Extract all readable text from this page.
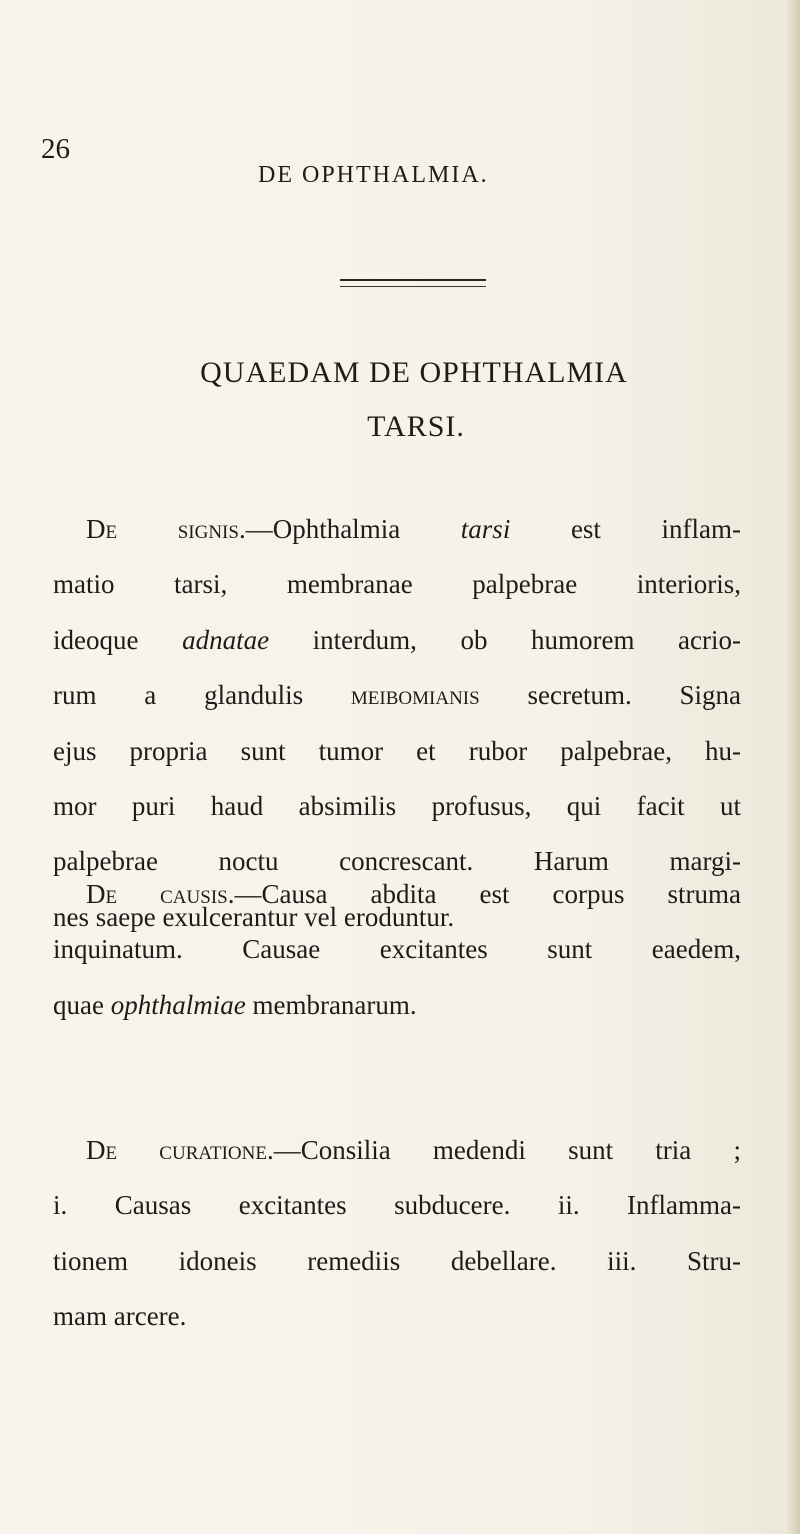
26
DE OPHTHALMIA.
QUAEDAM DE OPHTHALMIA
TARSI.
De signis.—Ophthalmia tarsi est inflam-
matio tarsi, membranae palpebrae interioris,
ideoque adnatae interdum, ob humorem acrio-
rum a glandulis meibomianis secretum. Signa
ejus propria sunt tumor et rubor palpebrae, hu-
mor puri haud absimilis profusus, qui facit ut
palpebrae noctu concrescant. Harum margi-
nes saepe exulcerantur vel eroduntur.
De causis.—Causa abdita est corpus struma
inquinatum. Causae excitantes sunt eaedem,
quae ophthalmiae membranarum.
De curatione.—Consilia medendi sunt tria ;
i. Causas excitantes subducere. ii. Inflamma-
tionem idoneis remediis debellare. iii. Stru-
mam arcere.
